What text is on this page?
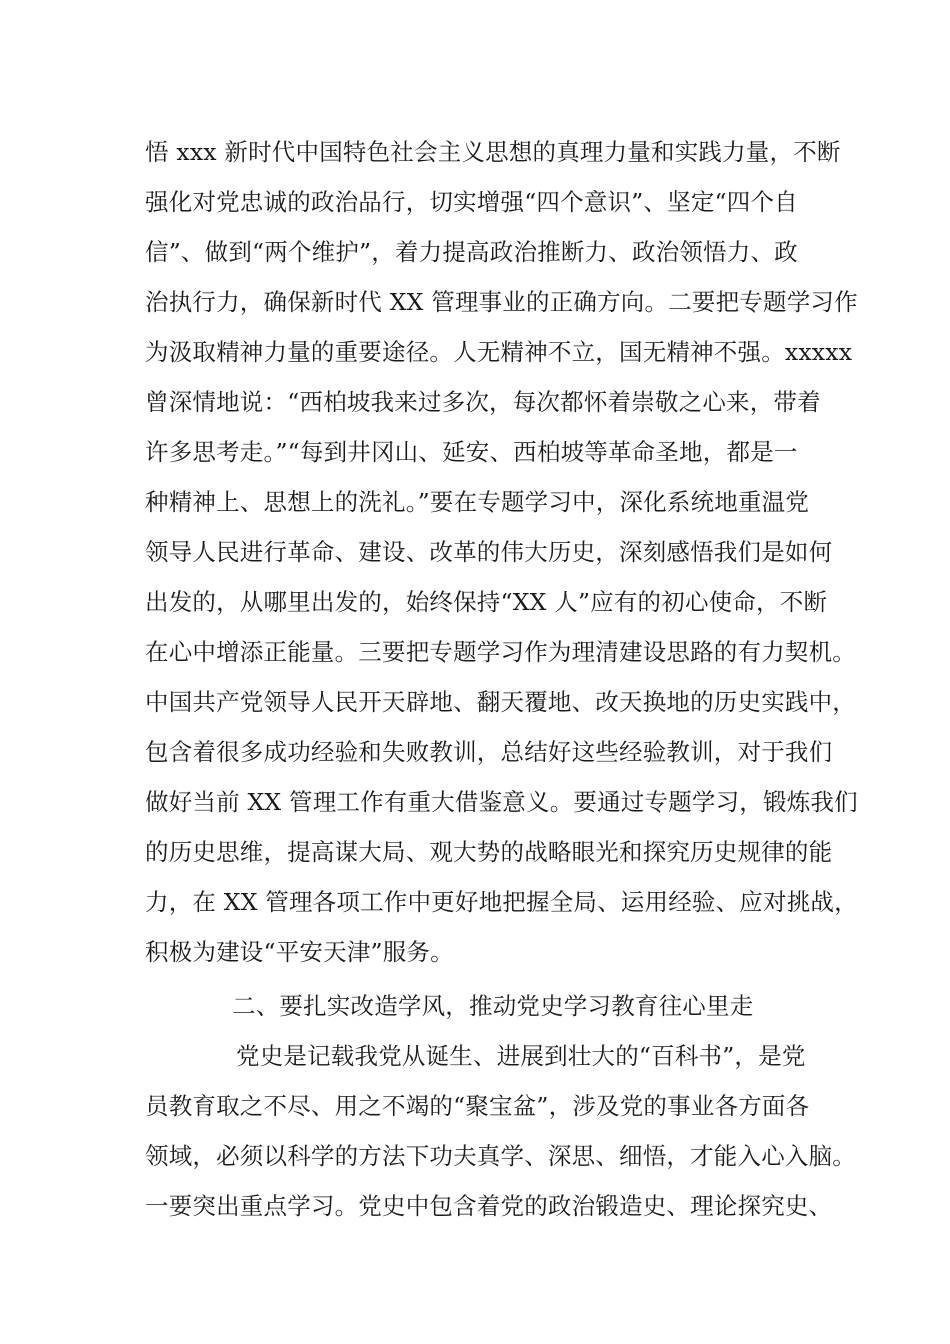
悟 xxx 新时代中国特色社会主义思想的真理力量和实践力量，不断
强化对党忠诚的政治品行，切实增强“四个意识”、坚定“四个自
信”、做到“两个维护”，着力提高政治推断力、政治领悟力、政
治执行力，确保新时代 XX 管理事业的正确方向。二要把专题学习作
为汲取精神力量的重要途径。人无精神不立，国无精神不强。xxxxx
曾深情地说：“西柏坡我来过多次，每次都怀着崇敬之心来，带着
许多思考走。”“每到井冈山、延安、西柏坡等革命圣地，都是一
种精神上、思想上的洗礼。”要在专题学习中，深化系统地重温党
领导人民进行革命、建设、改革的伟大历史，深刻感悟我们是如何
出发的，从哪里出发的，始终保持“XX 人”应有的初心使命，不断
在心中增添正能量。三要把专题学习作为理清建设思路的有力契机。
中国共产党领导人民开天辟地、翻天覆地、改天换地的历史实践中，
包含着很多成功经验和失败教训，总结好这些经验教训，对于我们
做好当前 XX 管理工作有重大借鉴意义。要通过专题学习，锻炼我们
的历史思维，提高谋大局、观大势的战略眼光和探究历史规律的能
力，在 XX 管理各项工作中更好地把握全局、运用经验、应对挑战，
积极为建设“平安天津”服务。
二、要扎实改造学风，推动党史学习教育往心里走
党史是记载我党从诞生、进展到壮大的“百科书”，是党
员教育取之不尽、用之不竭的“聚宝盆”，涉及党的事业各方面各
领域，必须以科学的方法下功夫真学、深思、细悟，才能入心入脑。
一要突出重点学习。党史中包含着党的政治锻造史、理论探究史、
